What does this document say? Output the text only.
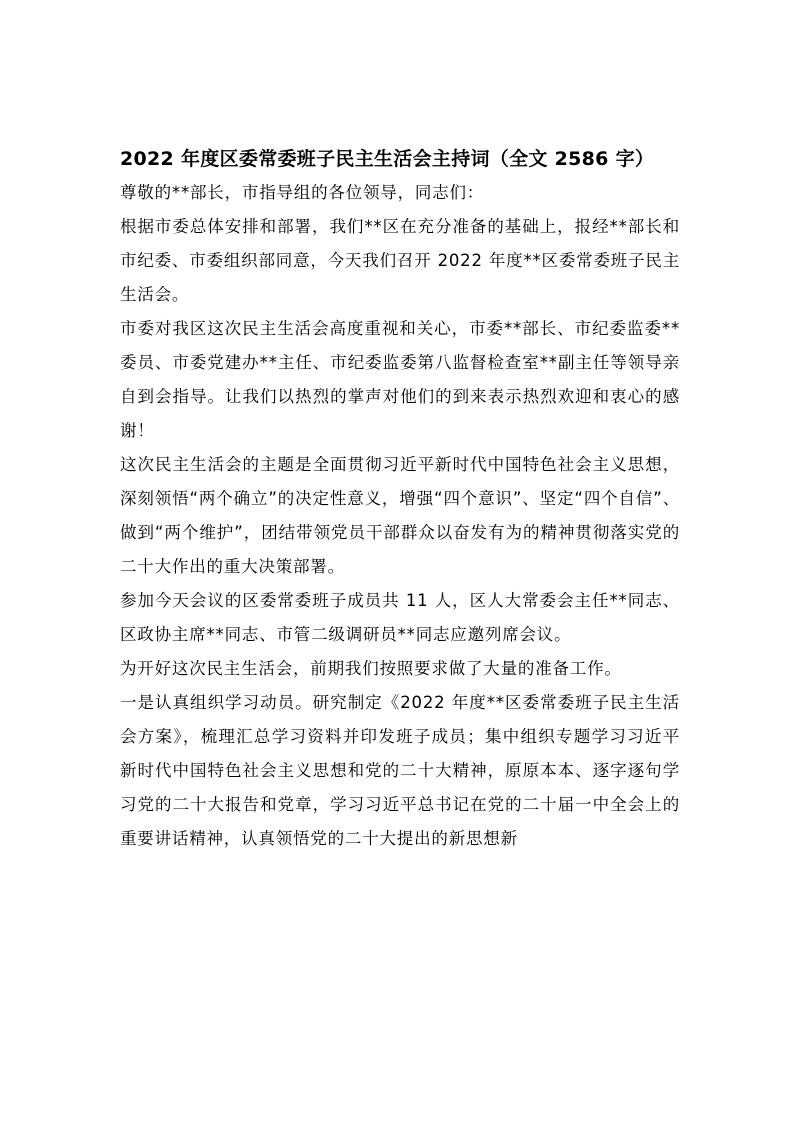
2022 年度区委常委班子民主生活会主持词（全文 2586 字）

尊敬的**部长，市指导组的各位领导，同志们：

根据市委总体安排和部署，我们**区在充分准备的基础上，报经**部长和市纪委、市委组织部同意，今天我们召开 2022 年度**区委常委班子民主生活会。

市委对我区这次民主生活会高度重视和关心，市委**部长、市纪委监委**委员、市委党建办**主任、市纪委监委第八监督检查室**副主任等领导亲自到会指导。让我们以热烈的掌声对他们的到来表示热烈欢迎和衷心的感谢！

这次民主生活会的主题是全面贯彻习近平新时代中国特色社会主义思想，深刻领悟“两个确立”的决定性意义，增强“四个意识”、坚定“四个自信”、做到“两个维护”，团结带领党员干部群众以奋发有为的精神贯彻落实党的二十大作出的重大决策部署。

参加今天会议的区委常委班子成员共 11 人，区人大常委会主任**同志、区政协主席**同志、市管二级调研员**同志应邀列席会议。

为开好这次民主生活会，前期我们按照要求做了大量的准备工作。

一是认真组织学习动员。研究制定《2022 年度**区委常委班子民主生活会方案》，梳理汇总学习资料并印发班子成员；集中组织专题学习习近平新时代中国特色社会主义思想和党的二十大精神，原原本本、逐字逐句学习党的二十大报告和党章，学习习近平总书记在党的二十届一中全会上的重要讲话精神，认真领悟党的二十大提出的新思想新
